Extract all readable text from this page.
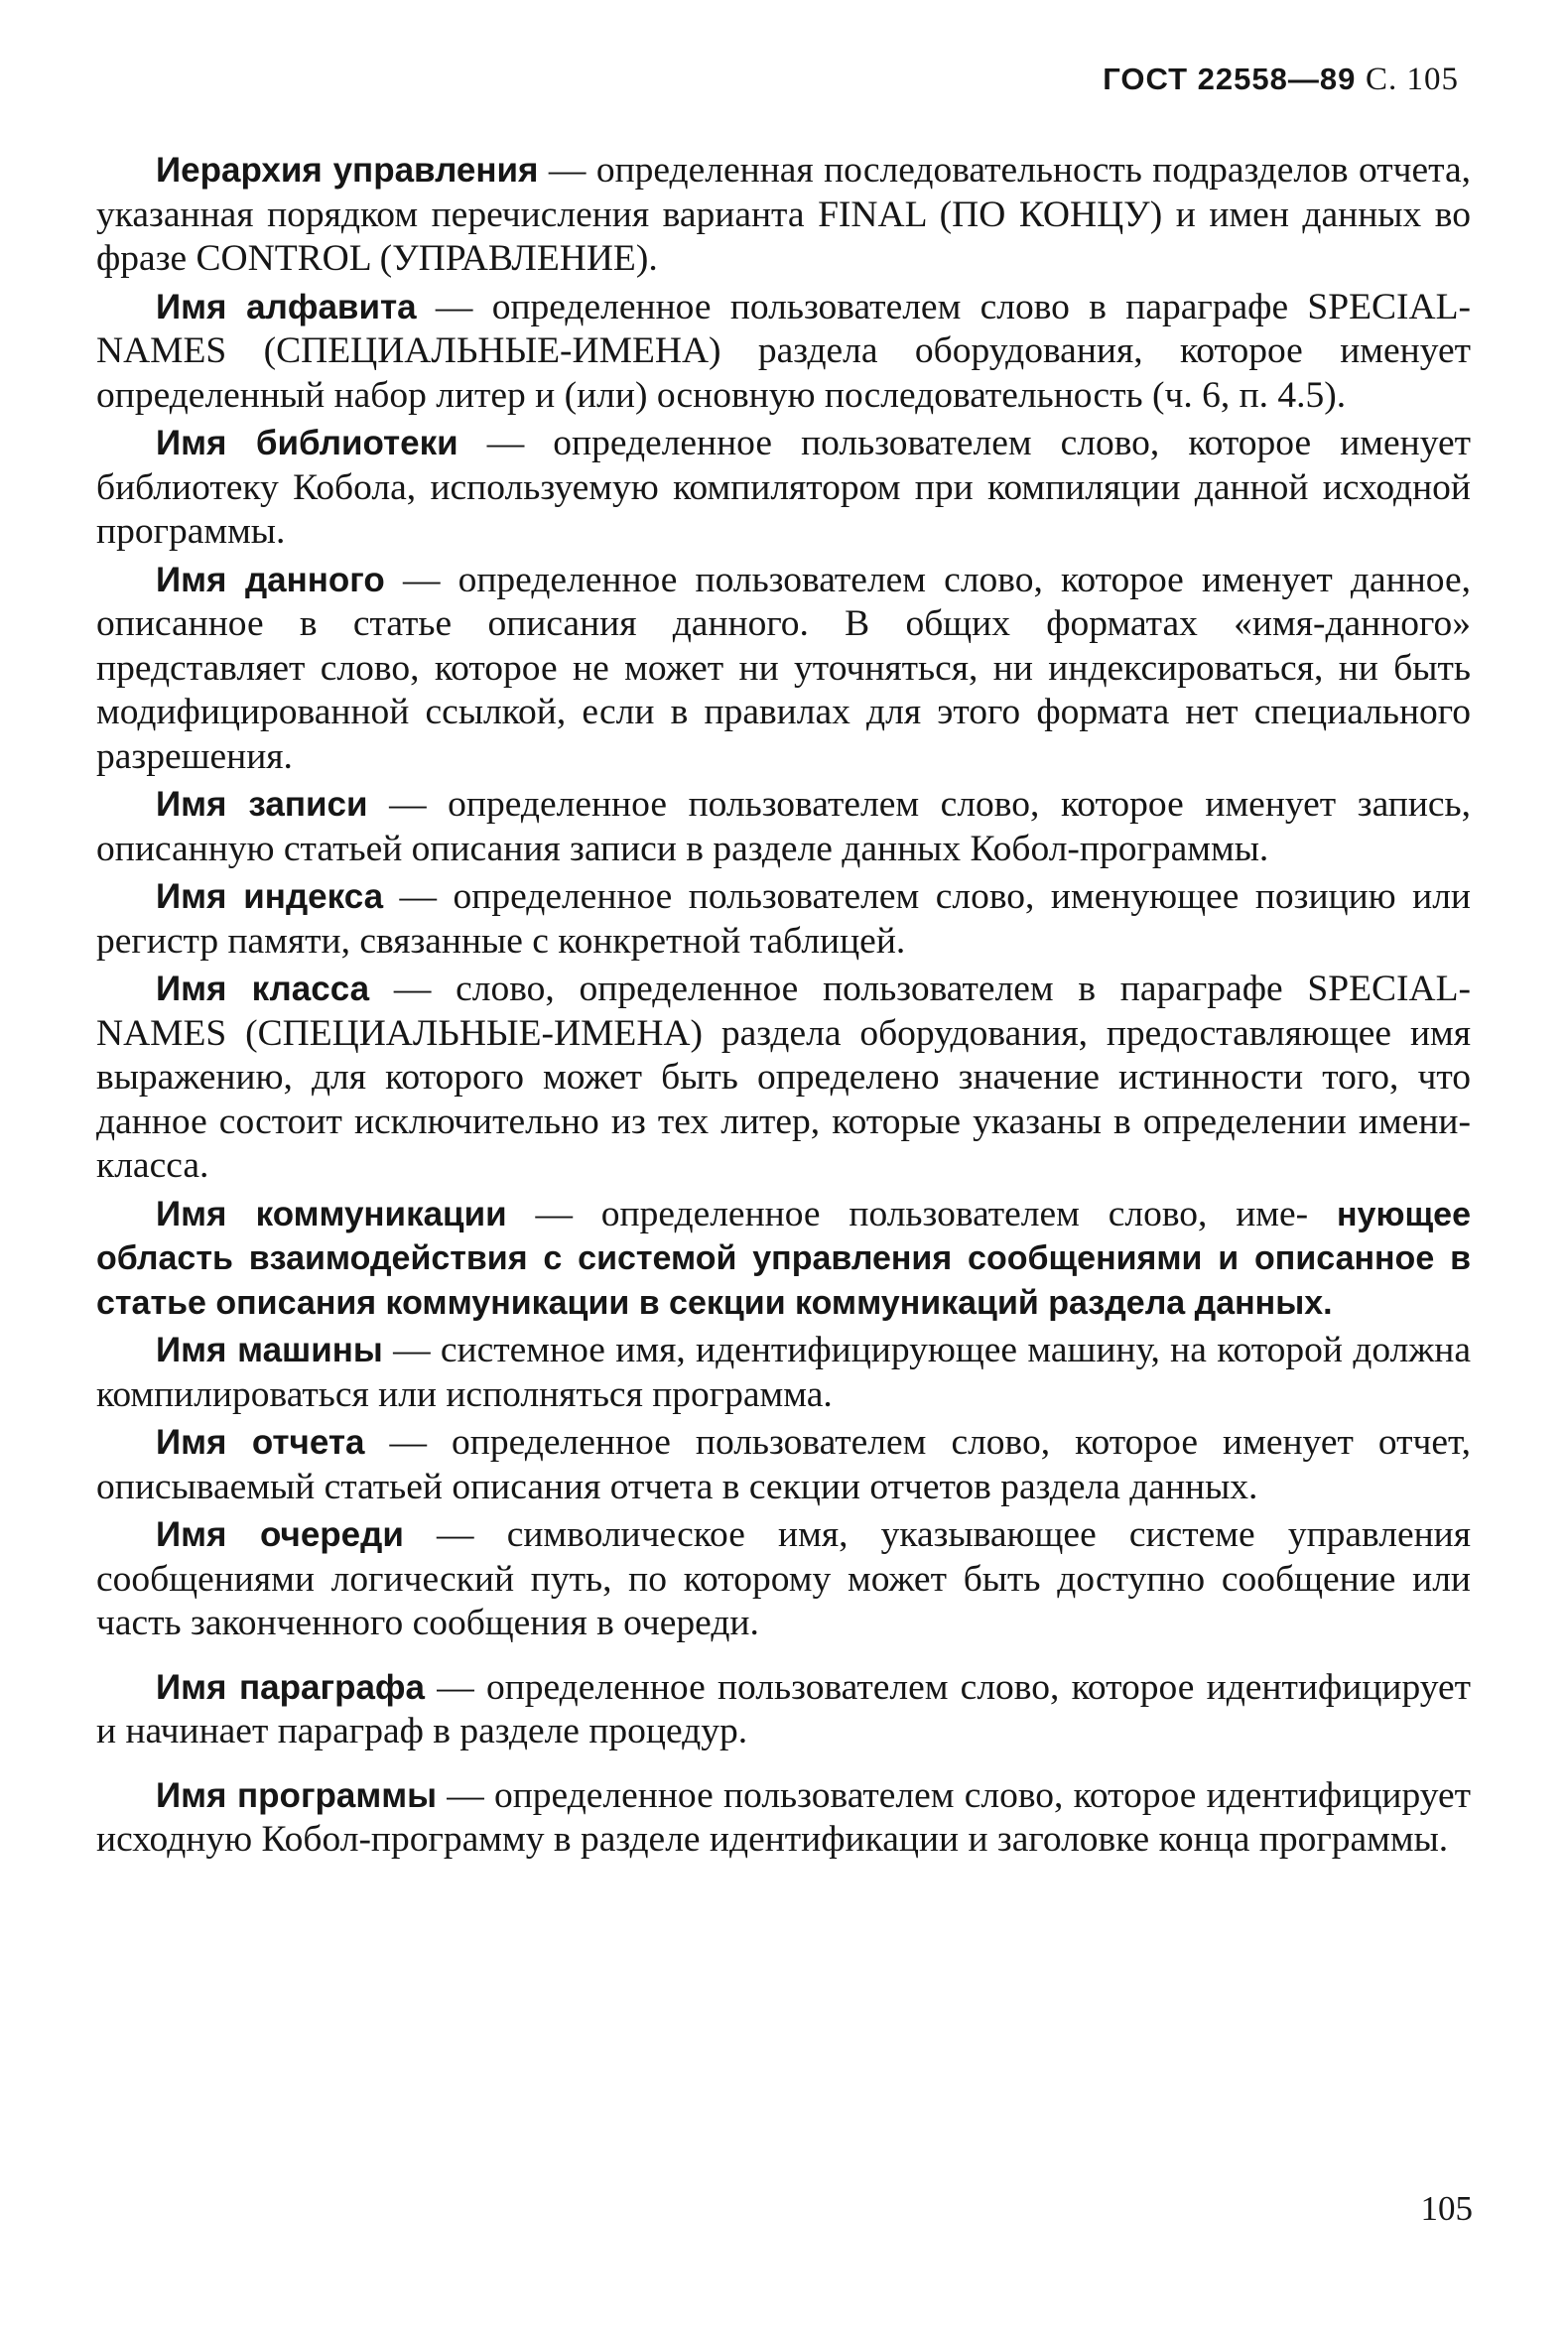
ГОСТ 22558—89 С. 105

Иерархия управления — определенная последовательность подразделов отчета, указанная порядком перечисления варианта FINAL (ПО КОНЦУ) и имен данных во фразе CONTROL (УПРАВЛЕНИЕ).

Имя алфавита — определенное пользователем слово в параграфе SPECIAL-NAMES (СПЕЦИАЛЬНЫЕ-ИМЕНА) раздела оборудования, которое именует определенный набор литер и (или) основную последовательность (ч. 6, п. 4.5).

Имя библиотеки — определенное пользователем слово, которое именует библиотеку Кобола, используемую компилятором при компиляции данной исходной программы.

Имя данного — определенное пользователем слово, которое именует данное, описанное в статье описания данного. В общих форматах «имя-данного» представляет слово, которое не может ни уточняться, ни индексироваться, ни быть модифицированной ссылкой, если в правилах для этого формата нет специального разрешения.

Имя записи — определенное пользователем слово, которое именует запись, описанную статьей описания записи в разделе данных Кобол-программы.

Имя индекса — определенное пользователем слово, именующее позицию или регистр памяти, связанные с конкретной таблицей.

Имя класса — слово, определенное пользователем в параграфе SPECIAL-NAMES (СПЕЦИАЛЬНЫЕ-ИМЕНА) раздела оборудования, предоставляющее имя выражению, для которого может быть определено значение истинности того, что данное состоит исключительно из тех литер, которые указаны в определении имени-класса.

Имя коммуникации — определенное пользователем слово, име- нующее область взаимодействия с системой управления сообщениями и описанное в статье описания коммуникации в секции коммуникаций раздела данных.

Имя машины — системное имя, идентифицирующее машину, на которой должна компилироваться или исполняться программа.

Имя отчета — определенное пользователем слово, которое именует отчет, описываемый статьей описания отчета в секции отчетов раздела данных.

Имя очереди — символическое имя, указывающее системе управления сообщениями логический путь, по которому может быть доступно сообщение или часть законченного сообщения в очереди.

Имя параграфа — определенное пользователем слово, которое идентифицирует и начинает параграф в разделе процедур.

Имя программы — определенное пользователем слово, которое идентифицирует исходную Кобол-программу в разделе идентификации и заголовке конца программы.

105
